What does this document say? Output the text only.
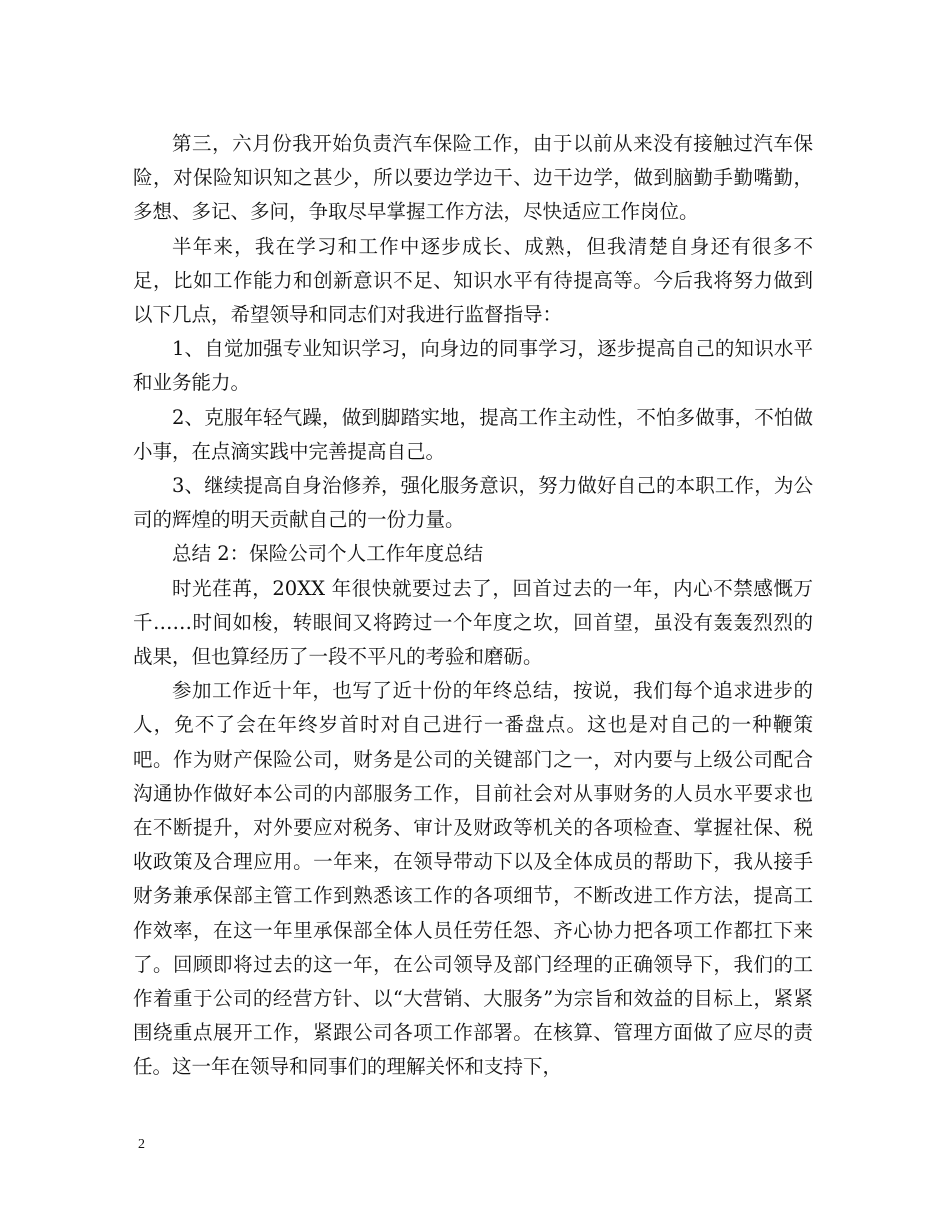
第三，六月份我开始负责汽车保险工作，由于以前从来没有接触过汽车保险，对保险知识知之甚少，所以要边学边干、边干边学，做到脑勤手勤嘴勤，多想、多记、多问，争取尽早掌握工作方法，尽快适应工作岗位。

半年来，我在学习和工作中逐步成长、成熟，但我清楚自身还有很多不足，比如工作能力和创新意识不足、知识水平有待提高等。今后我将努力做到以下几点，希望领导和同志们对我进行监督指导：

1、自觉加强专业知识学习，向身边的同事学习，逐步提高自己的知识水平和业务能力。

2、克服年轻气躁，做到脚踏实地，提高工作主动性，不怕多做事，不怕做小事，在点滴实践中完善提高自己。

3、继续提高自身治修养，强化服务意识，努力做好自己的本职工作，为公司的辉煌的明天贡献自己的一份力量。

总结 2：保险公司个人工作年度总结

时光荏苒，20XX 年很快就要过去了，回首过去的一年，内心不禁感慨万千……时间如梭，转眼间又将跨过一个年度之坎，回首望，虽没有轰轰烈烈的战果，但也算经历了一段不平凡的考验和磨砺。

参加工作近十年，也写了近十份的年终总结，按说，我们每个追求进步的人，免不了会在年终岁首时对自己进行一番盘点。这也是对自己的一种鞭策吧。作为财产保险公司，财务是公司的关键部门之一，对内要与上级公司配合沟通协作做好本公司的内部服务工作，目前社会对从事财务的人员水平要求也在不断提升，对外要应对税务、审计及财政等机关的各项检查、掌握社保、税收政策及合理应用。一年来，在领导带动下以及全体成员的帮助下，我从接手财务兼承保部主管工作到熟悉该工作的各项细节，不断改进工作方法，提高工作效率，在这一年里承保部全体人员任劳任怨、齐心协力把各项工作都扛下来了。回顾即将过去的这一年，在公司领导及部门经理的正确领导下，我们的工作着重于公司的经营方针、以“大营销、大服务”为宗旨和效益的目标上，紧紧围绕重点展开工作，紧跟公司各项工作部署。在核算、管理方面做了应尽的责任。这一年在领导和同事们的理解关怀和支持下，

2
